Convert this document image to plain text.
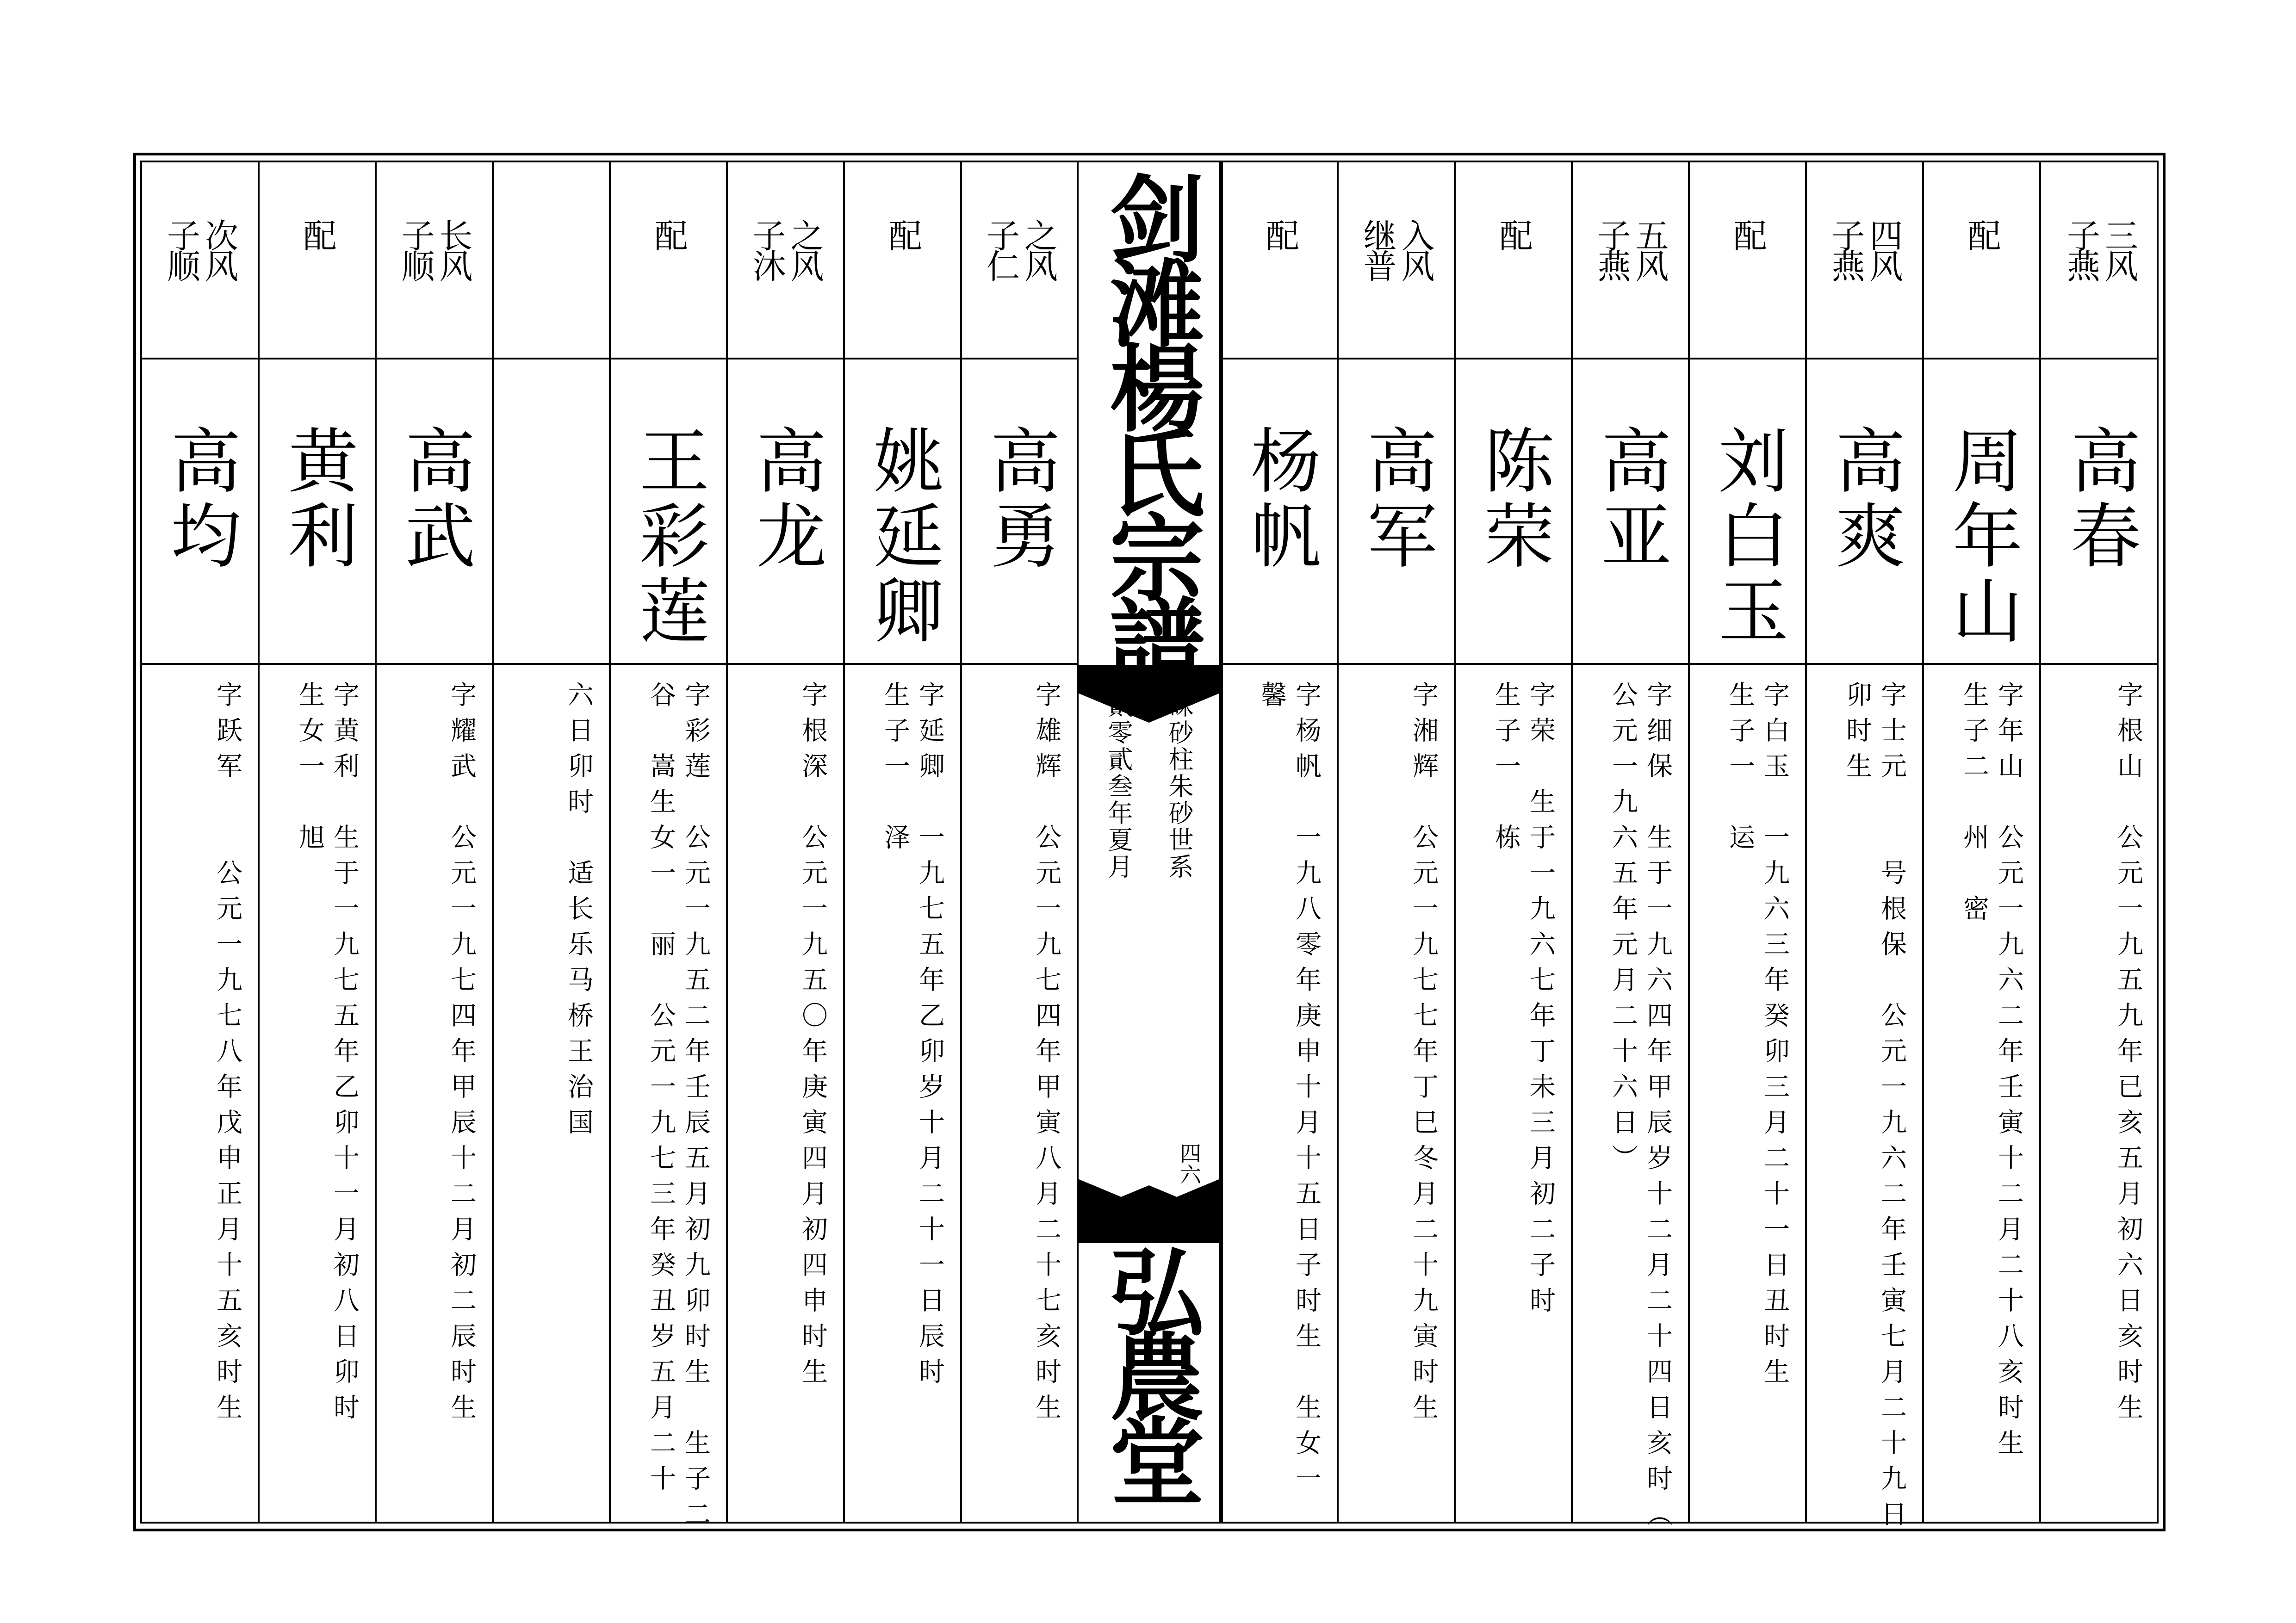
三风
子燕
高春
字根山　公元一九五九年已亥五月初六日亥时生
配
周年山
字年山　公元一九六二年壬寅十二月二十八亥时生
生子二　州　密
四风
子燕
高爽
字士元　　号根保　公元一九六二年壬寅七月二十九日
卯时生
配
刘白玉
字白玉　一九六三年癸卯三月二十一日丑时生
生子一　运
五风
子燕
高亚
字细保　生于一九六四年甲辰岁十二月二十四日亥时（
公元一九六五年元月二十六日）
配
陈荣
字荣　生于一九六七年丁未三月初二子时
生子一　栋
入风
继普
高军
字湘辉　公元一九七七年丁巳冬月二十九寅时生
配
杨帆
字杨帆　一九八零年庚申十月十五日子时生　生女一
馨
剑滩楊氏宗譜
硃砂柱朱砂世系
貳零貳叁年夏月
四六
弘農堂
之风
子仁
高勇
字雄辉　公元一九七四年甲寅八月二十七亥时生
配
姚延卿
字延卿　一九七五年乙卯岁十月二十一日辰时
生子一　泽
之风
子沐
高龙
字根深　公元一九五〇年庚寅四月初四申时生
配
王彩莲
字彩莲　公元一九五二年壬辰五月初九卯时生　生子二
谷　嵩生女一　丽　公元一九七三年癸丑岁五月二十
六日卯时　适长乐马桥王治国
长风
子顺
高武
字耀武　公元一九七四年甲辰十二月初二辰时生
配
黄利
字黄利　生于一九七五年乙卯十一月初八日卯时
生女一　旭
次风
子顺
高均
字跃军　　公元一九七八年戊申正月十五亥时生
